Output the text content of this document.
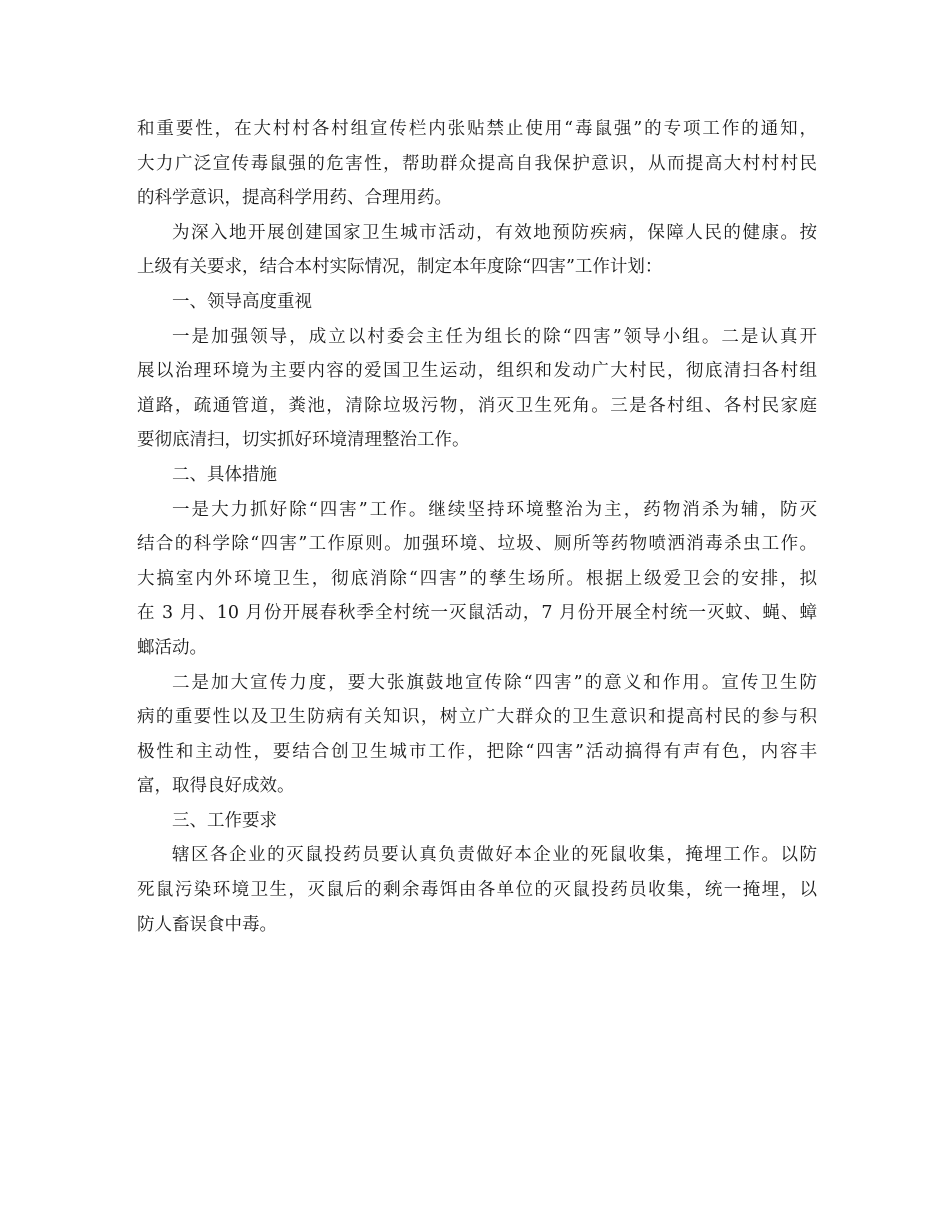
和重要性，在大村村各村组宣传栏内张贴禁止使用“毒鼠强”的专项工作的通知，
大力广泛宣传毒鼠强的危害性，帮助群众提高自我保护意识，从而提高大村村村民
的科学意识，提高科学用药、合理用药。
为深入地开展创建国家卫生城市活动，有效地预防疾病，保障人民的健康。按
上级有关要求，结合本村实际情况，制定本年度除“四害”工作计划：
一、领导高度重视
一是加强领导，成立以村委会主任为组长的除“四害”领导小组。二是认真开
展以治理环境为主要内容的爱国卫生运动，组织和发动广大村民，彻底清扫各村组
道路，疏通管道，粪池，清除垃圾污物，消灭卫生死角。三是各村组、各村民家庭
要彻底清扫，切实抓好环境清理整治工作。
二、具体措施
一是大力抓好除“四害”工作。继续坚持环境整治为主，药物消杀为辅，防灭
结合的科学除“四害”工作原则。加强环境、垃圾、厕所等药物喷洒消毒杀虫工作。
大搞室内外环境卫生，彻底消除“四害”的孳生场所。根据上级爱卫会的安排，拟
在 3 月、10 月份开展春秋季全村统一灭鼠活动，7 月份开展全村统一灭蚊、蝇、蟑
螂活动。
二是加大宣传力度，要大张旗鼓地宣传除“四害”的意义和作用。宣传卫生防
病的重要性以及卫生防病有关知识，树立广大群众的卫生意识和提高村民的参与积
极性和主动性，要结合创卫生城市工作，把除“四害”活动搞得有声有色，内容丰
富，取得良好成效。
三、工作要求
辖区各企业的灭鼠投药员要认真负责做好本企业的死鼠收集，掩埋工作。以防
死鼠污染环境卫生，灭鼠后的剩余毒饵由各单位的灭鼠投药员收集，统一掩埋，以
防人畜误食中毒。
